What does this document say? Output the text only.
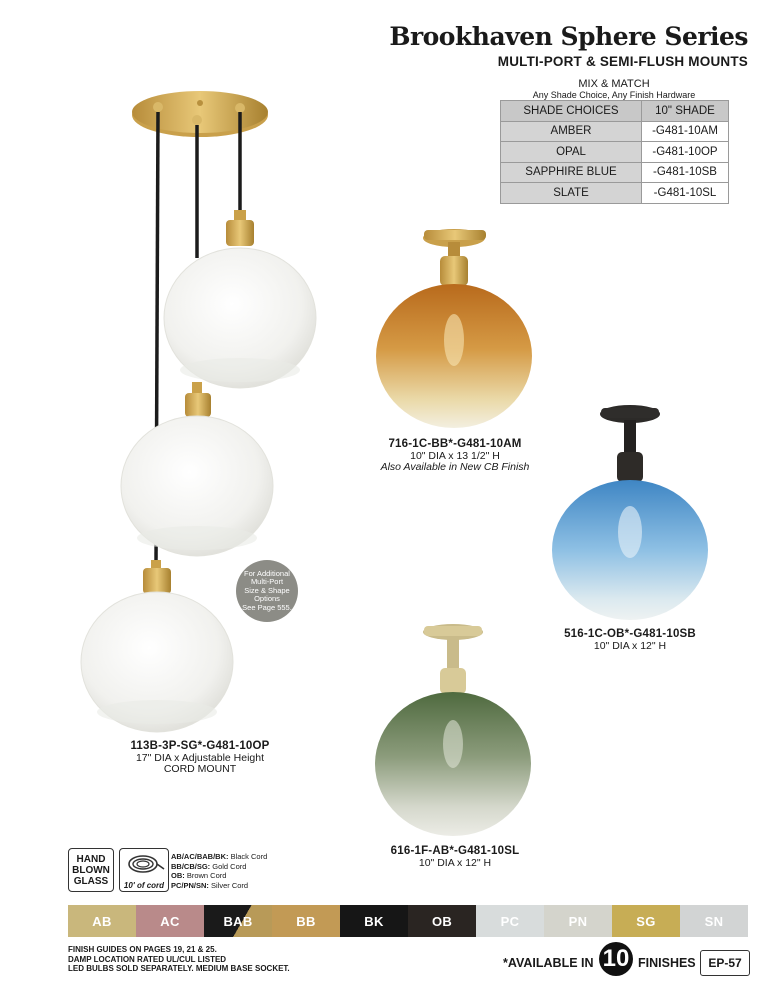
Brookhaven Sphere Series
MULTI-PORT & SEMI-FLUSH MOUNTS
MIX & MATCH
Any Shade Choice, Any Finish Hardware
SHADE CHOICES	10" SHADE
AMBER	-G481-10AM
OPAL	-G481-10OP
SAPPHIRE BLUE	-G481-10SB
SLATE	-G481-10SL
113B-3P-SG*-G481-10OP
17" DIA x Adjustable Height
CORD MOUNT
716-1C-BB*-G481-10AM
10" DIA x 13 1/2" H
Also Available in New CB Finish
516-1C-OB*-G481-10SB
10" DIA x 12" H
616-1F-AB*-G481-10SL
10" DIA x 12" H
For Additional
Multi-Port
Size & Shape
Options
See Page 555.
HAND
BLOWN
GLASS	10' of cord
AB/AC/BAB/BK: Black Cord
BB/CB/SG: Gold Cord
OB: Brown Cord
PC/PN/SN: Silver Cord
AB	AC	BAB	BB	BK	OB	PC	PN	SG	SN
FINISH GUIDES ON PAGES 19, 21 & 25.
DAMP LOCATION RATED UL/CUL LISTED
LED BULBS SOLD SEPARATELY. MEDIUM BASE SOCKET.	*AVAILABLE IN 10 FINISHES	EP-57
